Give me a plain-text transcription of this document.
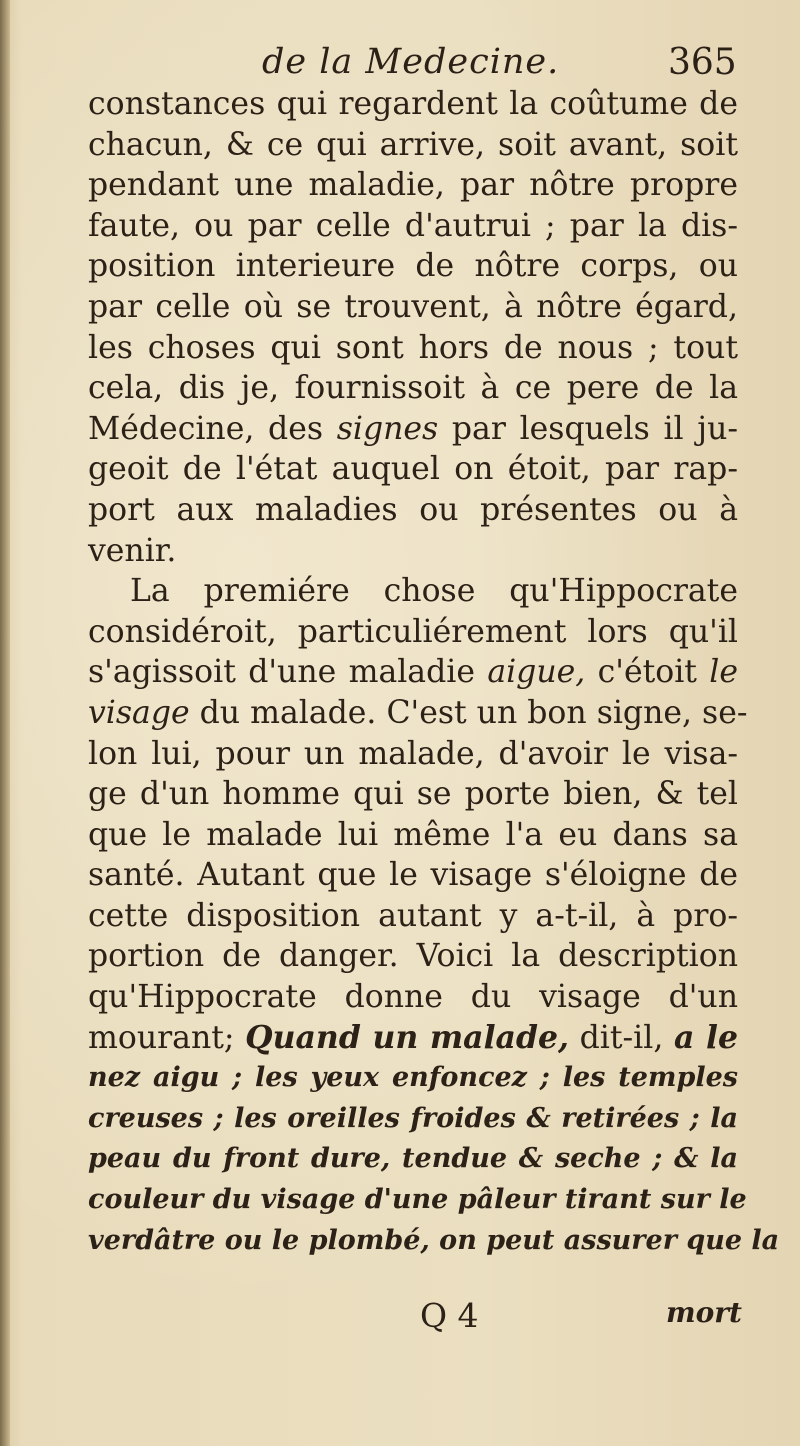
de la Medecine.	365
constances qui regardent la coûtume de
chacun, & ce qui arrive, soit avant, soit
pendant une maladie, par nôtre propre
faute, ou par celle d'autrui ; par la dis-
position interieure de nôtre corps, ou
par celle où se trouvent, à nôtre égard,
les choses qui sont hors de nous ; tout
cela, dis je, fournissoit à ce pere de la
Médecine, des signes par lesquels il ju-
geoit de l'état auquel on étoit, par rap-
port aux maladies ou présentes ou à
venir.
La premiére chose qu'Hippocrate
considéroit, particuliérement lors qu'il
s'agissoit d'une maladie aigue, c'étoit le
visage du malade. C'est un bon signe, se-
lon lui, pour un malade, d'avoir le visa-
ge d'un homme qui se porte bien, & tel
que le malade lui même l'a eu dans sa
santé. Autant que le visage s'éloigne de
cette disposition autant y a-t-il, à pro-
portion de danger. Voici la description
qu'Hippocrate donne du visage d'un
mourant; Quand un malade, dit-il, a le
nez aigu ; les yeux enfoncez ; les temples
creuses ; les oreilles froides & retirées ; la
peau du front dure, tendue & seche ; & la
couleur du visage d'une pâleur tirant sur le
verdâtre ou le plombé, on peut assurer que la
Q 4	mort
